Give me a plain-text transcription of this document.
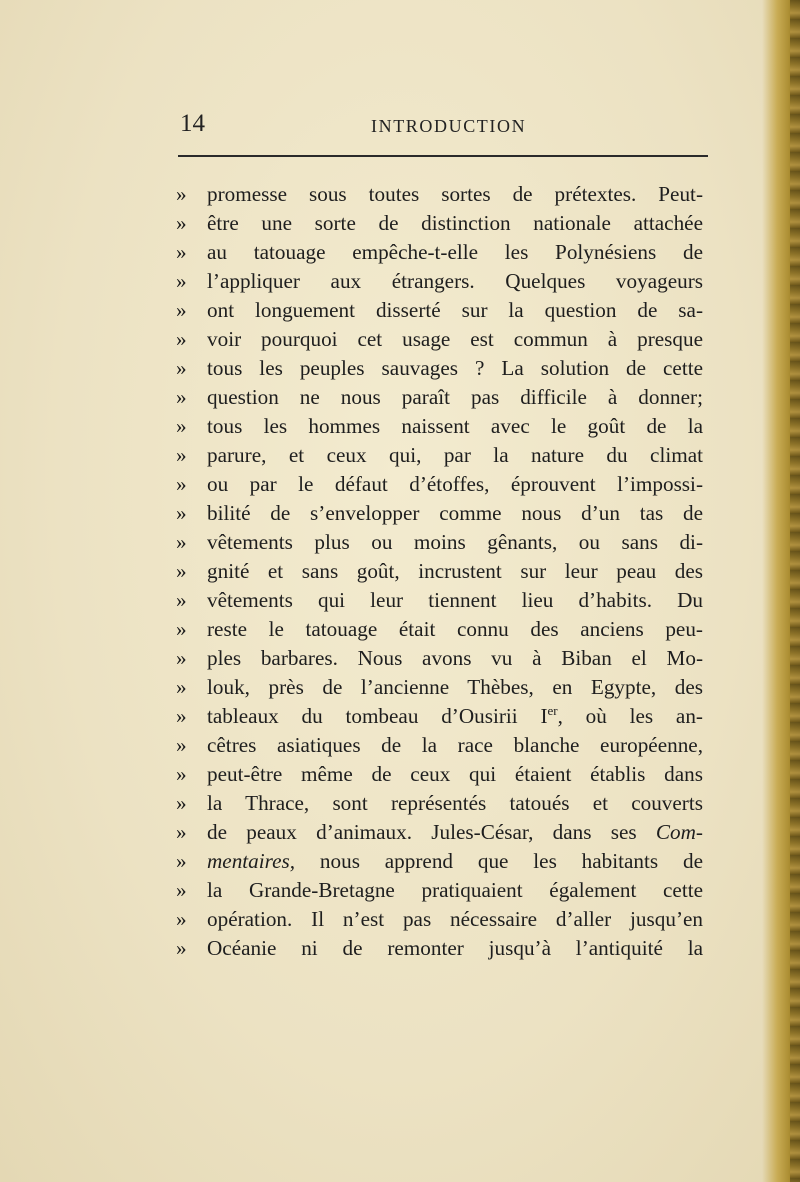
14	INTRODUCTION
» promesse sous toutes sortes de prétextes. Peut-
» être une sorte de distinction nationale attachée
» au tatouage empêche-t-elle les Polynésiens de
» l’appliquer aux étrangers. Quelques voyageurs
» ont longuement disserté sur la question de sa-
» voir pourquoi cet usage est commun à presque
» tous les peuples sauvages ? La solution de cette
» question ne nous paraît pas difficile à donner;
» tous les hommes naissent avec le goût de la
» parure, et ceux qui, par la nature du climat
» ou par le défaut d’étoffes, éprouvent l’impossi-
» bilité de s’envelopper comme nous d’un tas de
» vêtements plus ou moins gênants, ou sans di-
» gnité et sans goût, incrustent sur leur peau des
» vêtements qui leur tiennent lieu d’habits. Du
» reste le tatouage était connu des anciens peu-
» ples barbares. Nous avons vu à Biban el Mo-
» louk, près de l’ancienne Thèbes, en Egypte, des
» tableaux du tombeau d’Ousirii Ier, où les an-
» cêtres asiatiques de la race blanche européenne,
» peut-être même de ceux qui étaient établis dans
» la Thrace, sont représentés tatoués et couverts
» de peaux d’animaux. Jules-César, dans ses Com-
» mentaires, nous apprend que les habitants de
» la Grande-Bretagne pratiquaient également cette
» opération. Il n’est pas nécessaire d’aller jusqu’en
» Océanie ni de remonter jusqu’à l’antiquité la
